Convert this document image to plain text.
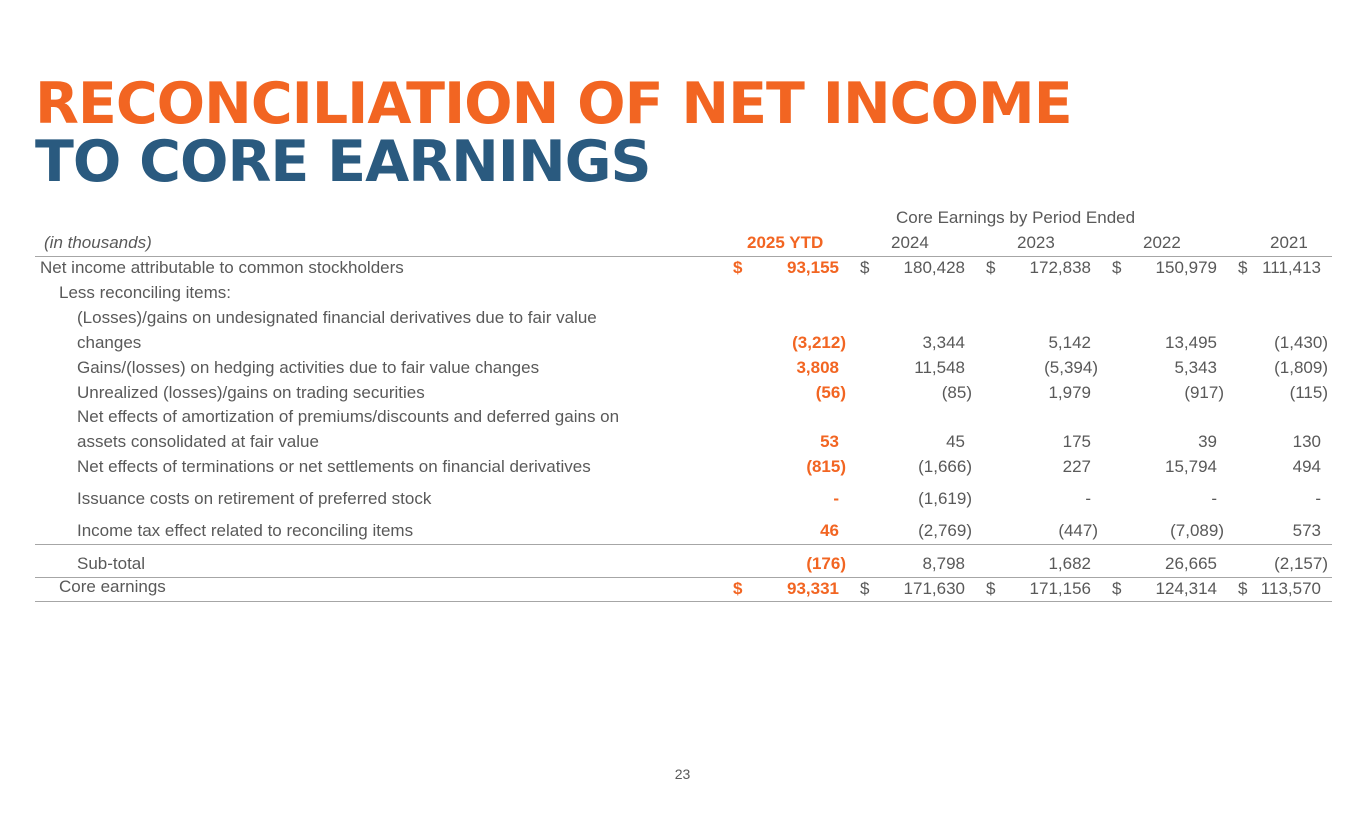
RECONCILIATION OF NET INCOME
TO CORE EARNINGS
Core Earnings by Period Ended
(in thousands)	2025 YTD	2024	2023	2022	2021
Net income attributable to common stockholders	$	93,155 $	180,428 $	172,838 $	150,979 $ 111,413
Less reconciling items:
(Losses)/gains on undesignated financial derivatives due to fair value
changes	(3,212)	3,344	5,142	13,495	(1,430)
Gains/(losses) on hedging activities due to fair value changes	3,808	11,548	(5,394)	5,343	(1,809)
Unrealized (losses)/gains on trading securities	(56)	(85)	1,979	(917)	(115)
Net effects of amortization of premiums/discounts and deferred gains on
assets consolidated at fair value	53	45	175	39	130
Net effects of terminations or net settlements on financial derivatives	(815)	(1,666)	227	15,794	494
Issuance costs on retirement of preferred stock	-	(1,619)	-	-	-
Income tax effect related to reconciling items	46	(2,769)	(447)	(7,089)	573
Sub-total	(176)	8,798	1,682	26,665	(2,157)
Core earnings	$	93,331 $	171,630 $	171,156 $	124,314 $ 113,570
23
